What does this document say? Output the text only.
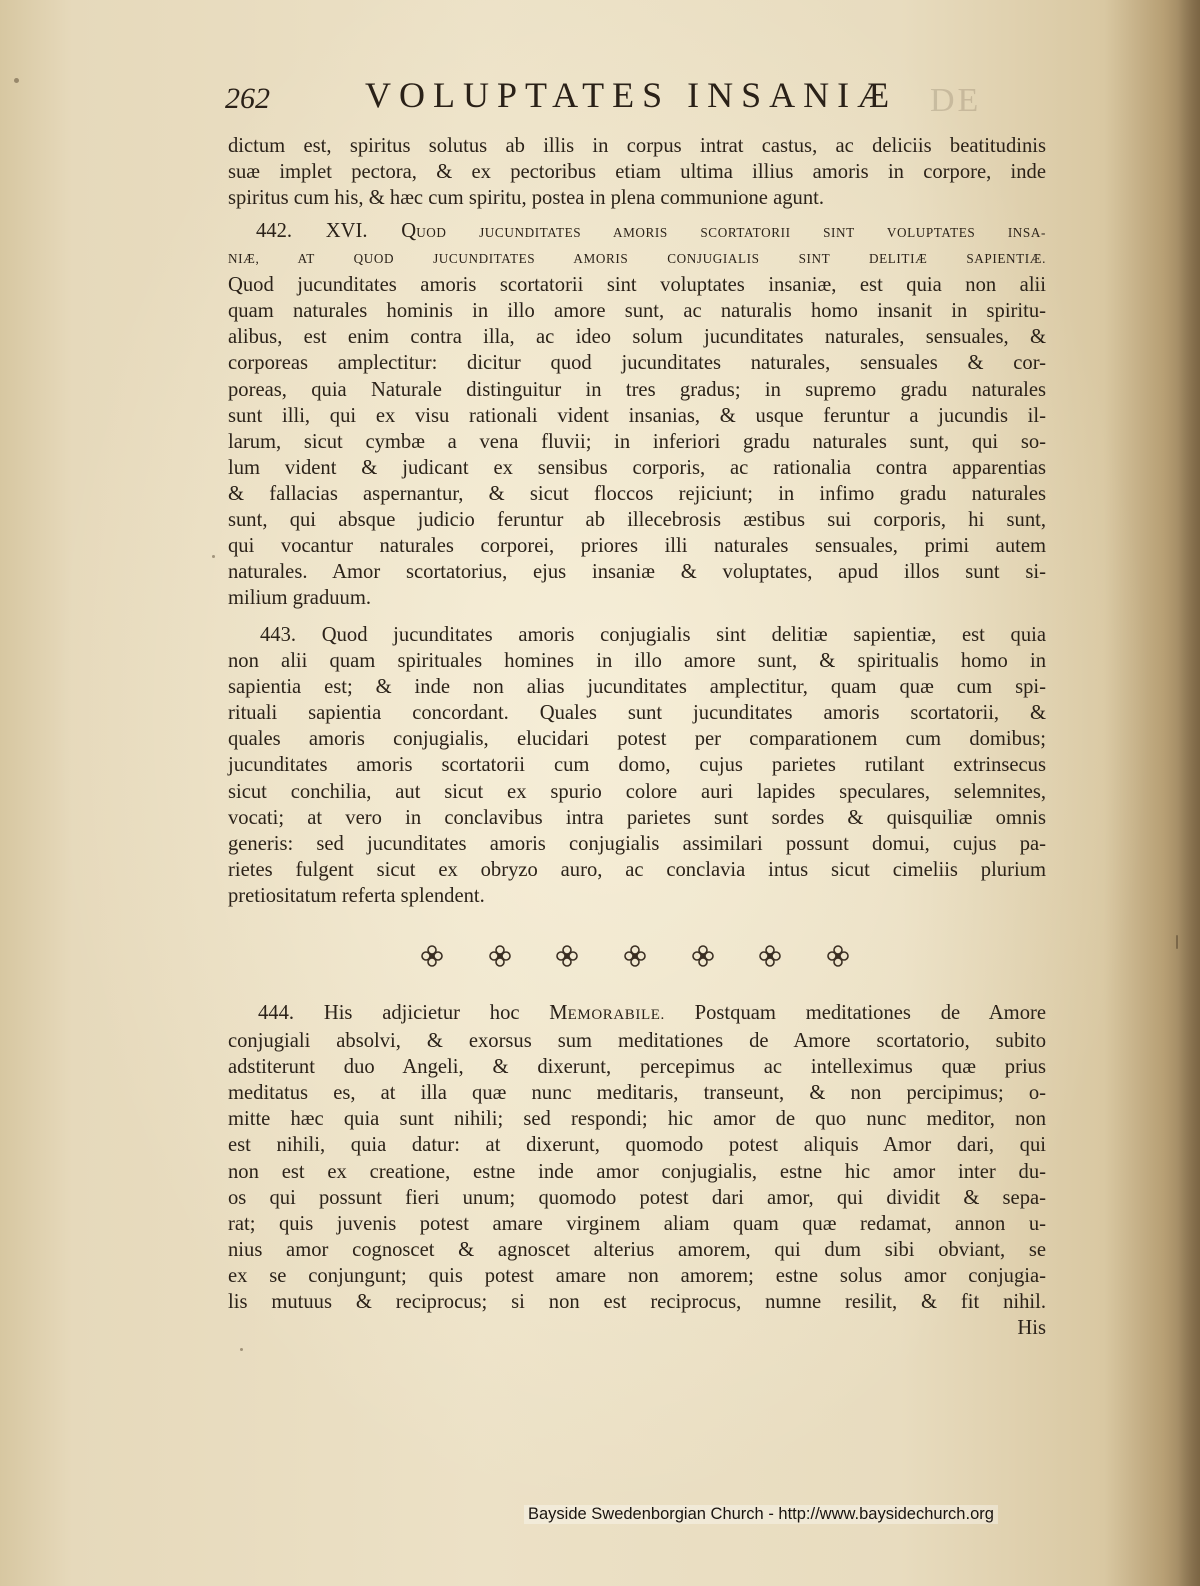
262	VOLUPTATES INSANIÆ DE
dictum est, spiritus solutus ab illis in corpus intrat castus, ac deliciis beatitudinis
suæ implet pectora, & ex pectoribus etiam ultima illius amoris in corpore, inde
spiritus cum his, & hæc cum spiritu, postea in plena communione agunt.
442. XVI. QUOD JUCUNDITATES AMORIS SCORTATORII SINT VOLUPTATES INSA-
NIÆ, AT QUOD JUCUNDITATES AMORIS CONJUGIALIS SINT DELITIÆ SAPIENTIÆ.
Quod jucunditates amoris scortatorii sint voluptates insaniæ, est quia non alii
quam naturales hominis in illo amore sunt, ac naturalis homo insanit in spiritu-
alibus, est enim contra illa, ac ideo solum jucunditates naturales, sensuales, &
corporeas amplectitur: dicitur quod jucunditates naturales, sensuales & cor-
poreas, quia Naturale distinguitur in tres gradus; in supremo gradu naturales
sunt illi, qui ex visu rationali vident insanias, & usque feruntur a jucundis il-
larum, sicut cymbæ a vena fluvii; in inferiori gradu naturales sunt, qui so-
lum vident & judicant ex sensibus corporis, ac rationalia contra apparentias
& fallacias aspernantur, & sicut floccos rejiciunt; in infimo gradu naturales
sunt, qui absque judicio feruntur ab illecebrosis æstibus sui corporis, hi sunt,
qui vocantur naturales corporei, priores illi naturales sensuales, primi autem
naturales. Amor scortatorius, ejus insaniæ & voluptates, apud illos sunt si-
milium graduum.
443. Quod jucunditates amoris conjugialis sint delitiæ sapientiæ, est quia
non alii quam spirituales homines in illo amore sunt, & spiritualis homo in
sapientia est; & inde non alias jucunditates amplectitur, quam quæ cum spi-
rituali sapientia concordant. Quales sunt jucunditates amoris scortatorii, &
quales amoris conjugialis, elucidari potest per comparationem cum domibus;
jucunditates amoris scortatorii cum domo, cujus parietes rutilant extrinsecus
sicut conchilia, aut sicut ex spurio colore auri lapides speculares, selemnites,
vocati; at vero in conclavibus intra parietes sunt sordes & quisquiliæ omnis
generis: sed jucunditates amoris conjugialis assimilari possunt domui, cujus pa-
rietes fulgent sicut ex obryzo auro, ac conclavia intus sicut cimeliis plurium
pretiositatum referta splendent.
444. His adjicietur hoc MEMORABILE. Postquam meditationes de Amore
conjugiali absolvi, & exorsus sum meditationes de Amore scortatorio, subito
adstiterunt duo Angeli, & dixerunt, percepimus ac intelleximus quæ prius
meditatus es, at illa quæ nunc meditaris, transeunt, & non percipimus; o-
mitte hæc quia sunt nihili; sed respondi; hic amor de quo nunc meditor, non
est nihili, quia datur: at dixerunt, quomodo potest aliquis Amor dari, qui
non est ex creatione, estne inde amor conjugialis, estne hic amor inter du-
os qui possunt fieri unum; quomodo potest dari amor, qui dividit & sepa-
rat; quis juvenis potest amare virginem aliam quam quæ redamat, annon u-
nius amor cognoscet & agnoscet alterius amorem, qui dum sibi obviant, se
ex se conjungunt; quis potest amare non amorem; estne solus amor conjugia-
lis mutuus & reciprocus; si non est reciprocus, numne resilit, & fit nihil.
His
Bayside Swedenborgian Church - http://www.baysidechurch.org
